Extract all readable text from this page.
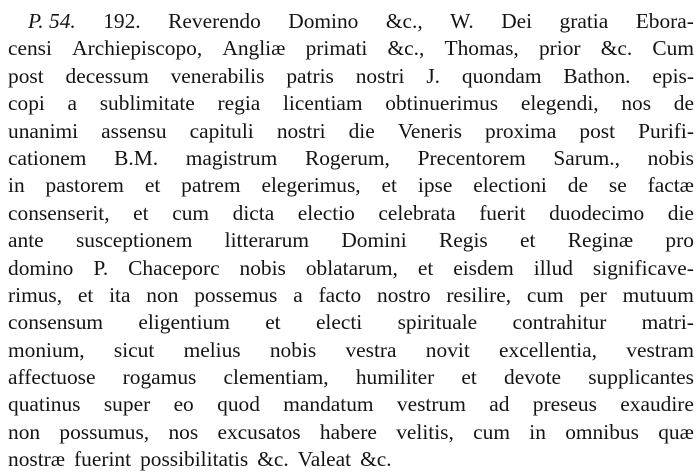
P. 54. 192. Reverendo Domino &c., W. Dei gratia Ebora-
censi Archiepiscopo, Angliæ primati &c., Thomas, prior &c. Cum
post decessum venerabilis patris nostri J. quondam Bathon. epis-
copi a sublimitate regia licentiam obtinuerimus elegendi, nos de
unanimi assensu capituli nostri die Veneris proxima post Purifi-
cationem B.M. magistrum Rogerum, Precentorem Sarum., nobis
in pastorem et patrem elegerimus, et ipse electioni de se factæ
consenserit, et cum dicta electio celebrata fuerit duodecimo die
ante susceptionem litterarum Domini Regis et Reginæ pro
domino P. Chaceporc nobis oblatarum, et eisdem illud significave-
rimus, et ita non possemus a facto nostro resilire, cum per mutuum
consensum eligentium et electi spirituale contrahitur matri-
monium, sicut melius nobis vestra novit excellentia, vestram
affectuose rogamus clementiam, humiliter et devote supplicantes
quatinus super eo quod mandatum vestrum ad preseus exaudire
non possumus, nos excusatos habere velitis, cum in omnibus quæ
nostræ fuerint possibilitatis &c. Valeat &c.
